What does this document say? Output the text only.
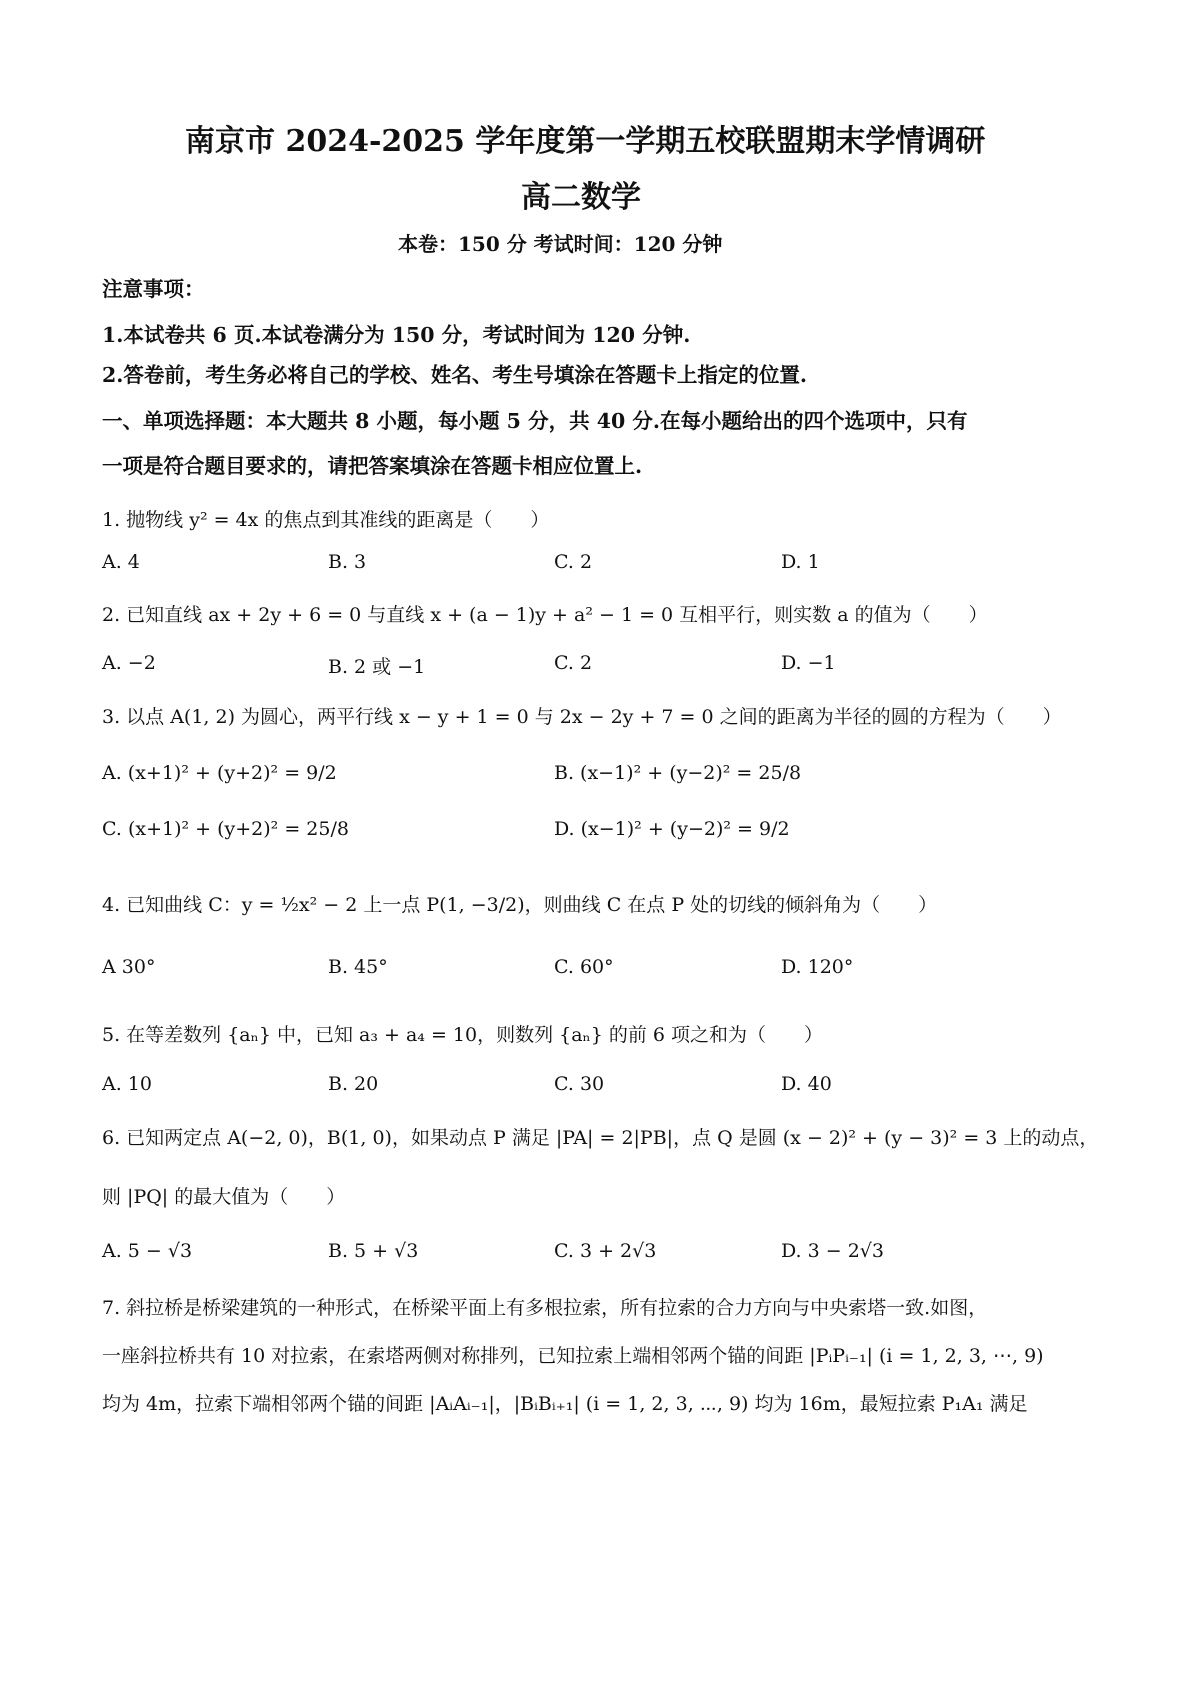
南京市 2024-2025 学年度第一学期五校联盟期末学情调研
高二数学
本卷：150 分 考试时间：120 分钟
注意事项：
1.本试卷共 6 页.本试卷满分为 150 分，考试时间为 120 分钟.
2.答卷前，考生务必将自己的学校、姓名、考生号填涂在答题卡上指定的位置.
一、单项选择题：本大题共 8 小题，每小题 5 分，共 40 分.在每小题给出的四个选项中，只有
一项是符合题目要求的，请把答案填涂在答题卡相应位置上.
1. 抛物线 y² = 4x 的焦点到其准线的距离是（　　）
A. 4	B. 3	C. 2	D. 1
2. 已知直线 ax + 2y + 6 = 0 与直线 x + (a − 1)y + a² − 1 = 0 互相平行，则实数 a 的值为（　　）
A. −2	B. 2 或 −1	C. 2	D. −1
3. 以点 A(1, 2) 为圆心，两平行线 x − y + 1 = 0 与 2x − 2y + 7 = 0 之间的距离为半径的圆的方程为（　　）
A. (x+1)² + (y+2)² = 9/2	B. (x−1)² + (y−2)² = 25/8
C. (x+1)² + (y+2)² = 25/8	D. (x−1)² + (y−2)² = 9/2
4. 已知曲线 C：y = ½x² − 2 上一点 P(1, −3/2)，则曲线 C 在点 P 处的切线的倾斜角为（　　）
A 30°	B. 45°	C. 60°	D. 120°
5. 在等差数列 {aₙ} 中，已知 a₃ + a₄ = 10，则数列 {aₙ} 的前 6 项之和为（　　）
A. 10	B. 20	C. 30	D. 40
6. 已知两定点 A(−2, 0)，B(1, 0)，如果动点 P 满足 |PA| = 2|PB|，点 Q 是圆 (x − 2)² + (y − 3)² = 3 上的动点，
则 |PQ| 的最大值为（　　）
A. 5 − √3	B. 5 + √3	C. 3 + 2√3	D. 3 − 2√3
7. 斜拉桥是桥梁建筑的一种形式，在桥梁平面上有多根拉索，所有拉索的合力方向与中央索塔一致.如图，
一座斜拉桥共有 10 对拉索，在索塔两侧对称排列，已知拉索上端相邻两个锚的间距 |PᵢPᵢ₋₁| (i = 1, 2, 3, ⋯, 9)
均为 4m，拉索下端相邻两个锚的间距 |AᵢAᵢ₋₁|，|BᵢBᵢ₊₁| (i = 1, 2, 3, ⋯, 9) 均为 16m，最短拉索 P₁A₁ 满足
